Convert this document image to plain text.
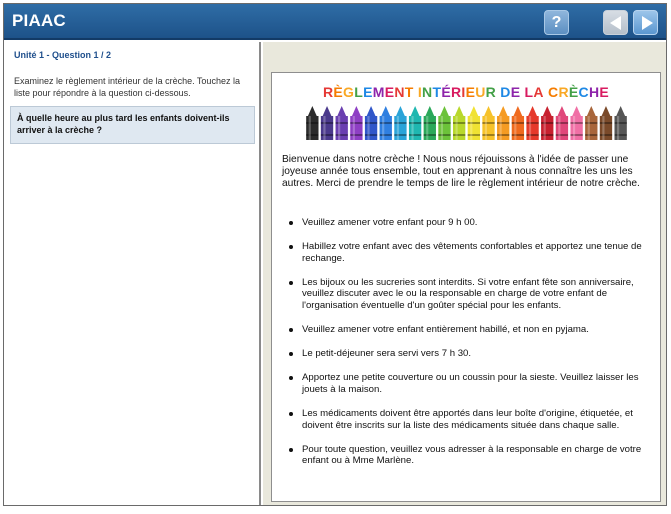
PIAAC	?
Unité 1 - Question 1 / 2
Examinez le règlement intérieur de la crèche. Touchez la liste pour répondre à la question ci-dessous.
À quelle heure au plus tard les enfants doivent-ils arriver à la crèche ?
RÈGLEMENT INTÉRIEUR DE LA CRÈCHE
Bienvenue dans notre crèche ! Nous nous réjouissons à l'idée de passer une joyeuse année tous ensemble, tout en apprenant à nous connaître les uns les autres. Merci de prendre le temps de lire le règlement intérieur de notre crèche.
Veuillez amener votre enfant pour 9 h 00.
Habillez votre enfant avec des vêtements confortables et apportez une tenue de rechange.
Les bijoux ou les sucreries sont interdits. Si votre enfant fête son anniversaire, veuillez discuter avec le ou la responsable en charge de votre enfant de l'organisation éventuelle d'un goûter spécial pour les enfants.
Veuillez amener votre enfant entièrement habillé, et non en pyjama.
Le petit-déjeuner sera servi vers 7 h 30.
Apportez une petite couverture ou un coussin pour la sieste. Veuillez laisser les jouets à la maison.
Les médicaments doivent être apportés dans leur boîte d'origine, étiquetée, et doivent être inscrits sur la liste des médicaments située dans chaque salle.
Pour toute question, veuillez vous adresser à la responsable en charge de votre enfant ou à Mme Marlène.
